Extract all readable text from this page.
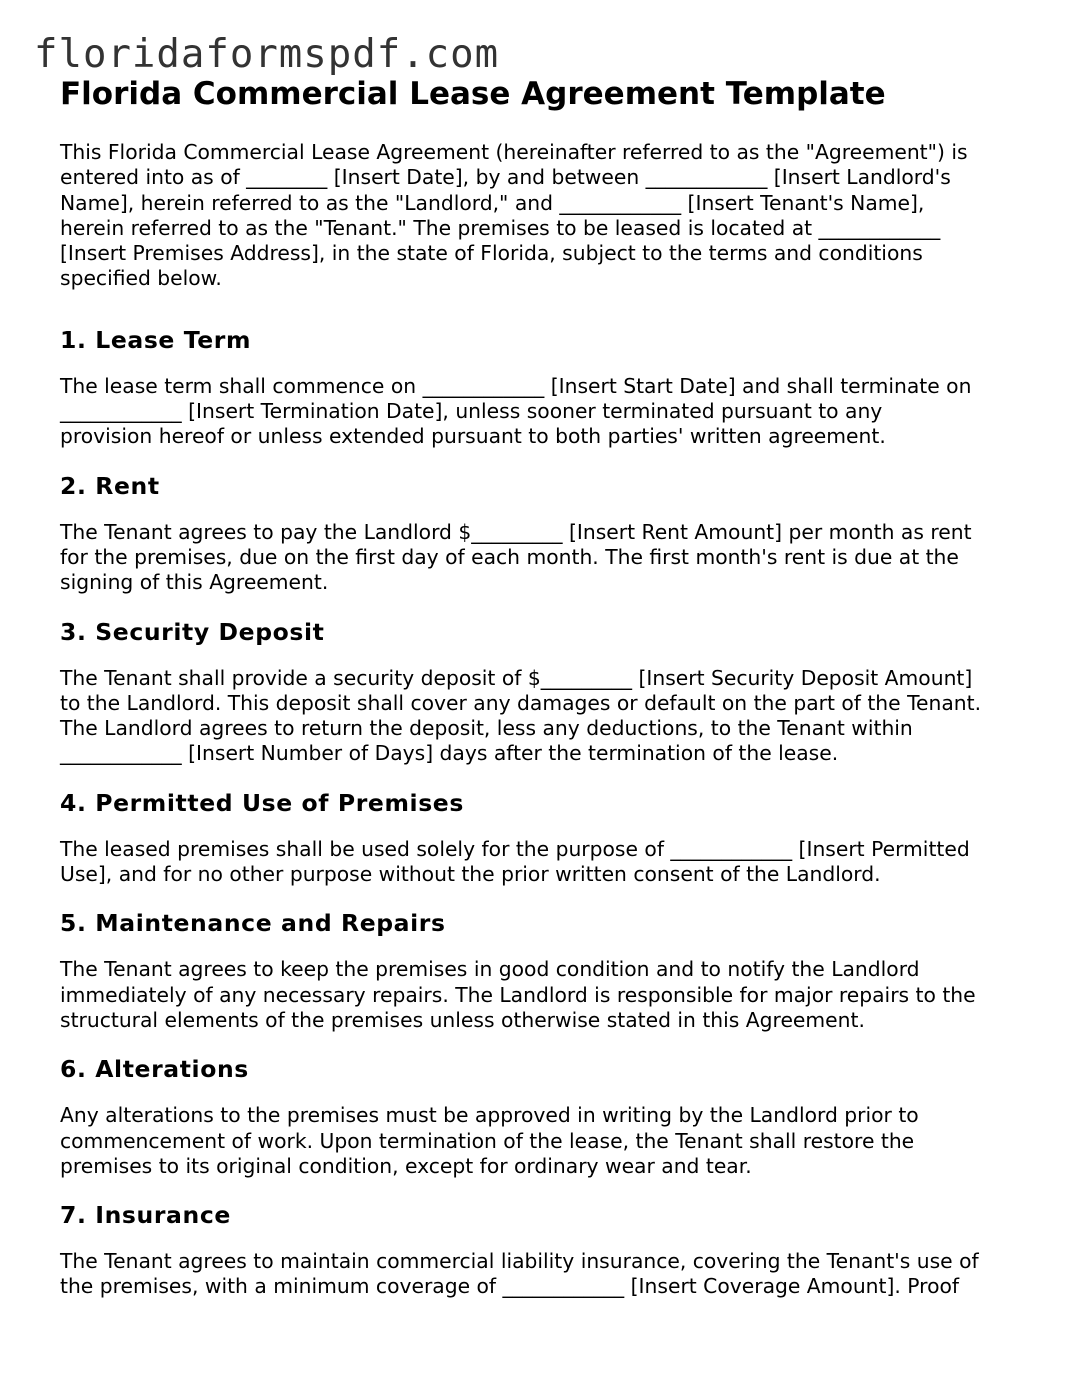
floridaformspdf.com
Florida Commercial Lease Agreement Template

This Florida Commercial Lease Agreement (hereinafter referred to as the "Agreement") is
entered into as of ________ [Insert Date], by and between ____________ [Insert Landlord's
Name], herein referred to as the "Landlord," and ____________ [Insert Tenant's Name],
herein referred to as the "Tenant." The premises to be leased is located at ____________
[Insert Premises Address], in the state of Florida, subject to the terms and conditions
specified below.

1. Lease Term

The lease term shall commence on ____________ [Insert Start Date] and shall terminate on
____________ [Insert Termination Date], unless sooner terminated pursuant to any
provision hereof or unless extended pursuant to both parties' written agreement.

2. Rent

The Tenant agrees to pay the Landlord $_________ [Insert Rent Amount] per month as rent
for the premises, due on the first day of each month. The first month's rent is due at the
signing of this Agreement.

3. Security Deposit

The Tenant shall provide a security deposit of $_________ [Insert Security Deposit Amount]
to the Landlord. This deposit shall cover any damages or default on the part of the Tenant.
The Landlord agrees to return the deposit, less any deductions, to the Tenant within
____________ [Insert Number of Days] days after the termination of the lease.

4. Permitted Use of Premises

The leased premises shall be used solely for the purpose of ____________ [Insert Permitted
Use], and for no other purpose without the prior written consent of the Landlord.

5. Maintenance and Repairs

The Tenant agrees to keep the premises in good condition and to notify the Landlord
immediately of any necessary repairs. The Landlord is responsible for major repairs to the
structural elements of the premises unless otherwise stated in this Agreement.

6. Alterations

Any alterations to the premises must be approved in writing by the Landlord prior to
commencement of work. Upon termination of the lease, the Tenant shall restore the
premises to its original condition, except for ordinary wear and tear.

7. Insurance

The Tenant agrees to maintain commercial liability insurance, covering the Tenant's use of
the premises, with a minimum coverage of ____________ [Insert Coverage Amount]. Proof
